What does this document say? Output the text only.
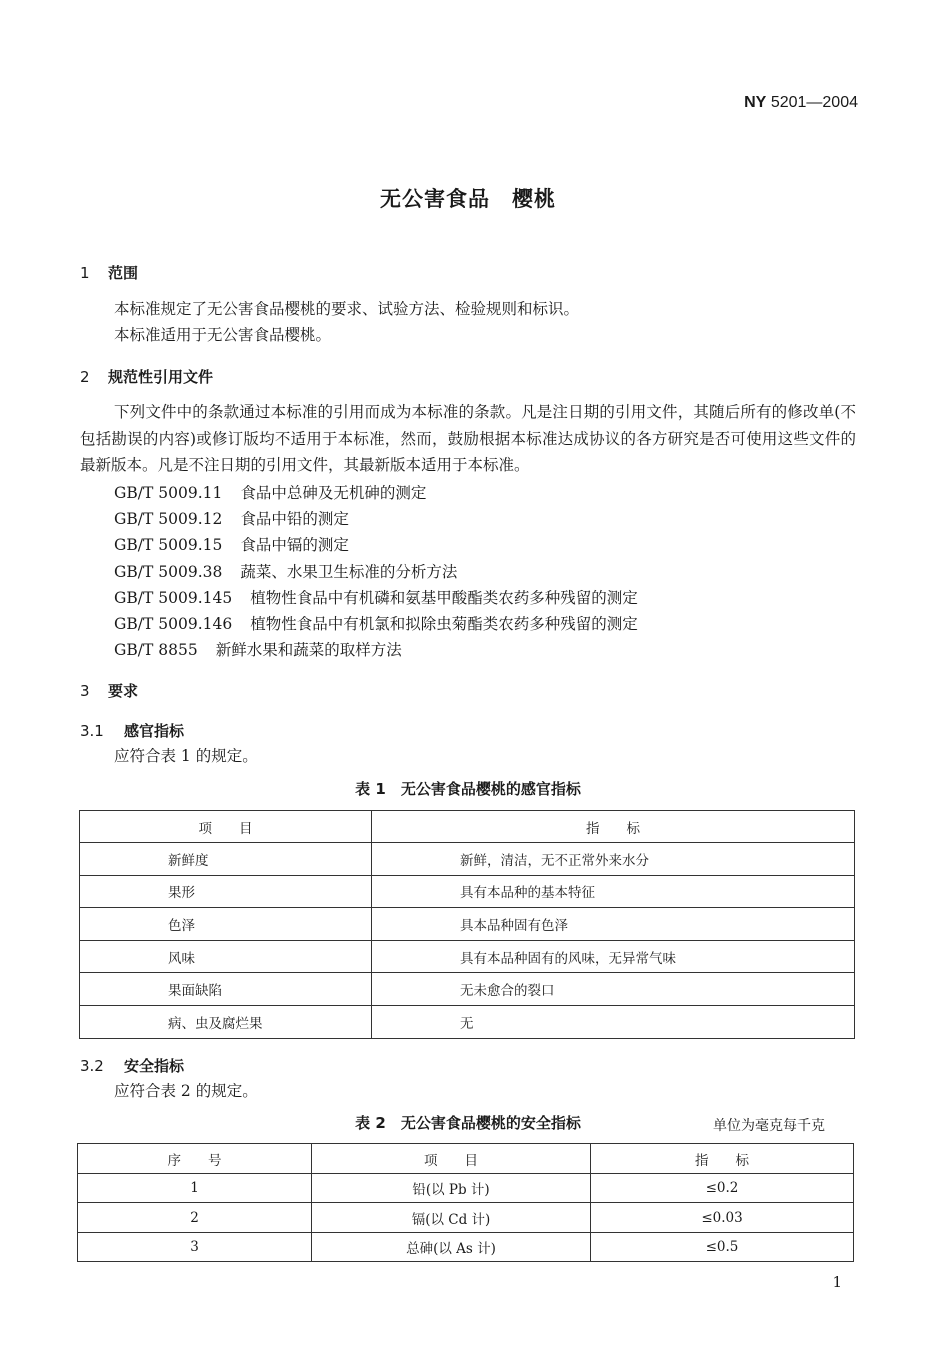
NY 5201—2004
无公害食品　樱桃
1 范围
本标准规定了无公害食品樱桃的要求、试验方法、检验规则和标识。
本标准适用于无公害食品樱桃。
2 规范性引用文件
下列文件中的条款通过本标准的引用而成为本标准的条款。凡是注日期的引用文件，其随后所有的修改单(不包括勘误的内容)或修订版均不适用于本标准，然而，鼓励根据本标准达成协议的各方研究是否可使用这些文件的最新版本。凡是不注日期的引用文件，其最新版本适用于本标准。
GB/T 5009.11 食品中总砷及无机砷的测定
GB/T 5009.12 食品中铅的测定
GB/T 5009.15 食品中镉的测定
GB/T 5009.38 蔬菜、水果卫生标准的分析方法
GB/T 5009.145 植物性食品中有机磷和氨基甲酸酯类农药多种残留的测定
GB/T 5009.146 植物性食品中有机氯和拟除虫菊酯类农药多种残留的测定
GB/T 8855 新鲜水果和蔬菜的取样方法
3 要求
3.1 感官指标
应符合表 1 的规定。
表 1　无公害食品樱桃的感官指标
项　　目	指　　标
新鲜度	新鲜，清洁，无不正常外来水分
果形	具有本品种的基本特征
色泽	具本品种固有色泽
风味	具有本品种固有的风味，无异常气味
果面缺陷	无未愈合的裂口
病、虫及腐烂果	无
3.2 安全指标
应符合表 2 的规定。
表 2　无公害食品樱桃的安全指标	单位为毫克每千克
序　　号	项　　目	指　　标
1	铅(以 Pb 计)	≤0.2
2	镉(以 Cd 计)	≤0.03
3	总砷(以 As 计)	≤0.5
1
